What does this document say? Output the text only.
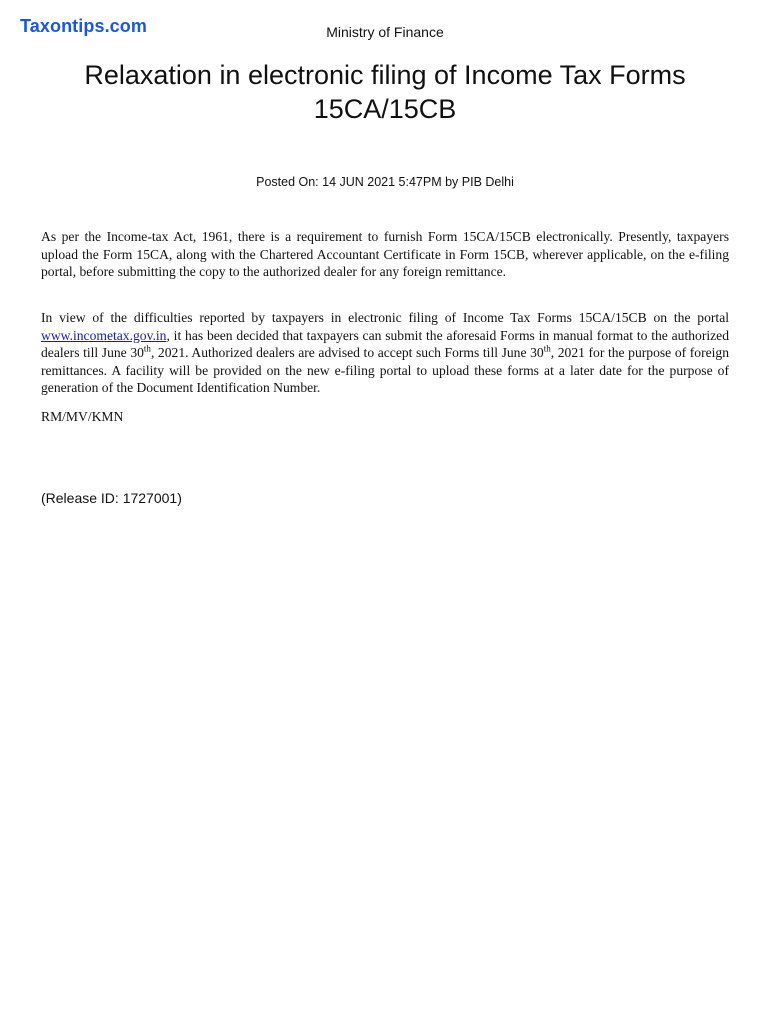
Taxontips.com	Ministry of Finance
Relaxation in electronic filing of Income Tax Forms
15CA/15CB
Posted On: 14 JUN 2021 5:47PM by PIB Delhi

As per the Income-tax Act, 1961, there is a requirement to furnish Form 15CA/15CB electronically. Presently, taxpayers upload the Form 15CA, along with the Chartered Accountant Certificate in Form 15CB, wherever applicable, on the e-filing portal, before submitting the copy to the authorized dealer for any foreign remittance.

In view of the difficulties reported by taxpayers in electronic filing of Income Tax Forms 15CA/15CB on the portal www.incometax.gov.in, it has been decided that taxpayers can submit the aforesaid Forms in manual format to the authorized dealers till June 30th, 2021. Authorized dealers are advised to accept such Forms till June 30th, 2021 for the purpose of foreign remittances. A facility will be provided on the new e-filing portal to upload these forms at a later date for the purpose of generation of the Document Identification Number.

RM/MV/KMN

(Release ID: 1727001)
